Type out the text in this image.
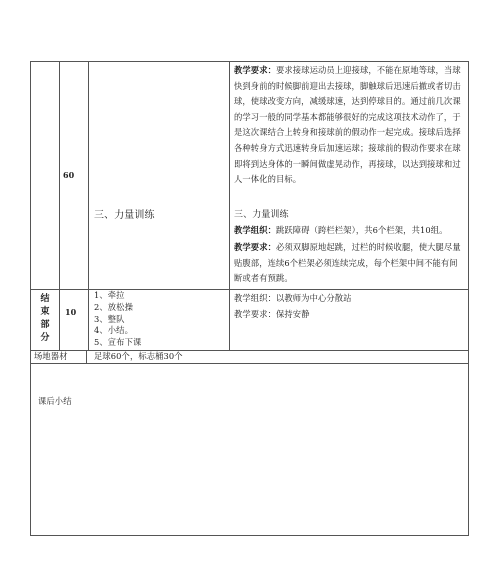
60
三、力量训练
教学要求：要求接球运动员上迎接球，不能在原地等球，当球快到身前的时候脚前迎出去接球，脚触球后迅速后撤或者切击球，使球改变方向，减缓球速，达到停球目的。通过前几次课的学习一般的同学基本都能够很好的完成这项技术动作了，于是这次课结合上转身和接球前的假动作一起完成。接球后选择各种转身方式迅速转身后加速运球；接球前的假动作要求在球即将到达身体的一瞬间做虚晃动作，再接球，以达到接球和过人一体化的目标。
三、力量训练
教学组织：跳跃障碍（跨栏栏架），共6个栏架，共10组。
教学要求：必须双脚原地起跳，过栏的时候收腿，使大腿尽量贴腹部，连续6个栏架必须连续完成，每个栏架中间不能有间断或者有预跳。
结
束
部
分
10
1、牵拉
2、放松操
3、整队
4、小结。
5、宣布下课
教学组织：以教师为中心分散站
教学要求：保持安静
场地器材	足球60个，标志桶30个
课后小结
